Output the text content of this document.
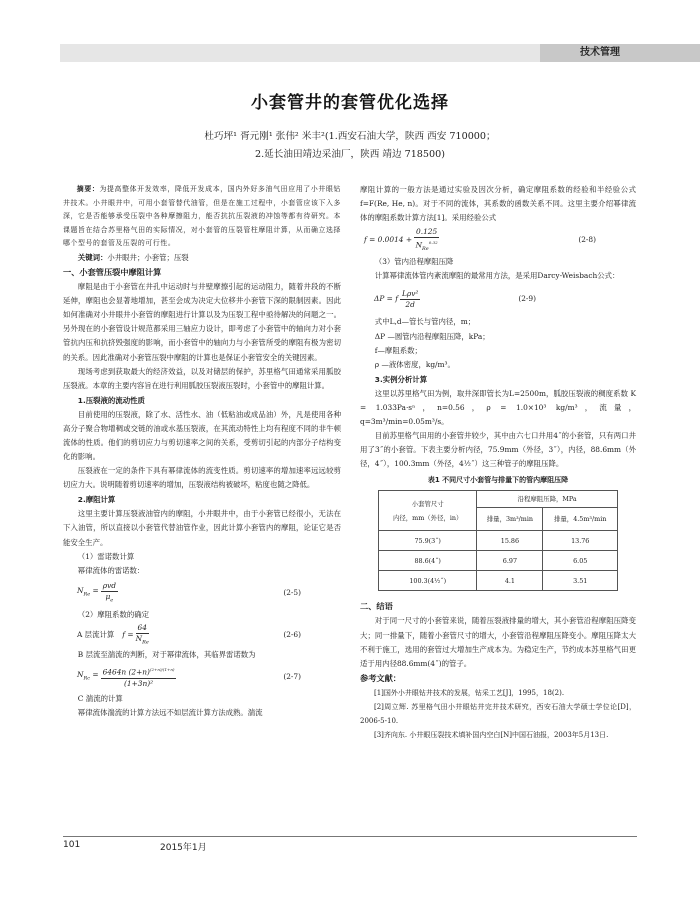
技术管理
小套管井的套管优化选择
杜巧坪¹ 胥元刚¹ 张伟² 米丰²(1.西安石油大学，陕西 西安 710000；
2.延长油田靖边采油厂，陕西 靖边 718500)

摘要：为提高整体开发效率，降低开发成本，国内外好多油气田应用了小井眼钻井技术。小井眼井中，可用小套管替代油管，但是在施工过程中，小套管应该下入多深，它是否能够承受压裂中各种摩擦阻力，能否抗抗压裂液的冲蚀等都有待研究。本课题旨在结合苏里格气田的实际情况，对小套管的压裂管柱摩阻计算，从而确立选择哪个型号的套管及压裂的可行性。

关键词：小井眼井；小套管；压裂

一、小套管压裂中摩阻计算

摩阻是由于小套管在井孔中运动时与井壁摩擦引起的运动阻力，随着井段的不断延伸，摩阻也会显著地增加，甚至会成为决定大位移井小套管下深的限制因素。因此如何准确对小井眼井小套管的摩阻进行计算以及为压裂工程中亟待解决的问题之一。另外现在的小套管设计规范都采用三轴应力设计，即考虑了小套管中的轴向力对小套管抗内压和抗挤毁强度的影响，而小套管中的轴向力与小套管所受的摩阻有极为密切的关系。因此准确对小套管压裂中摩阻的计算也是保证小套管安全的关键因素。

现场考虑到获取最大的经济效益，以及对储层的保护，苏里格气田通常采用胍胶压裂液。本章的主要内容旨在进行利用胍胶压裂液压裂时，小套管中的摩阻计算。

1.压裂液的流动性质

目前使用的压裂液，除了水、活性水、油（低粘油或成品油）外，凡是使用各种高分子聚合物增稠或交链的油或水基压裂液，在其流动特性上均有程度不同的非牛顿流体的性质。他们的剪切应力与剪切速率之间的关系，受剪切引起的内部分子结构变化的影响。

压裂液在一定的条件下具有幂律流体的流变性质。剪切速率的增加速率远远较剪切应力大。说明随着剪切速率的增加，压裂液结构被破坏，粘度也随之降低。

2.摩阻计算

这里主要计算压裂液油管内的摩阻，小井眼井中，由于小套管已经很小，无法在下入油管，所以直接以小套管代替油管作业，因此计算小套管内的摩阻，论证它是否能安全生产。

（1）雷诺数计算

幂律流体的雷诺数：

$N_{Re} = \frac{\text{ρvd}}{\mu_e}$	(2-5)

（2）摩阻系数的确定

A 层流计算 $f = \frac{64}{N_{Re}}$	(2-6)

B 层流至湍流的判断，对于幂律流体，其临界雷诺数为

$N_{Rc} = \frac{6464n (2+n)^{(2+n)/(1+n)}}{\text{(1+3n)²}}$	(2-7)

C 湍流的计算

幂律流体湍流的计算方法远不如层流计算方法成熟。湍流

摩阻计算的一般方法是通过实验及因次分析，确定摩阻系数的经验和半经验公式f=F(Re, He, n)。对于不同的流体，其系数的函数关系不同。这里主要介绍幂律流体的摩阻系数计算方法[1]。采用经验公式

$f = 0.0014 + \frac{0.125}{N_{Re}^{0.32}}$	(2-8)

（3）管内沿程摩阻压降

计算幂律流体管内紊流摩阻的最常用方法，是采用Darcy-Weisbach公式：

ΔP = f $\frac{\text{Lρv²}}{2d}$	(2-9)

式中L,d—管长与管内径，m；

ΔP —圆管内沿程摩阻压降，kPa；

f—摩阻系数；

ρ —液体密度，kg/m³。

3.实例分析计算

这里以苏里格气田为例，取井深即管长为L=2500m，胍胶压裂液的稠度系数 K = 1.033Pa·sⁿ，n=0.56，ρ = 1.0×10³ kg/m³，流量，q=3m³/min=0.05m³/s。

目前苏里格气田用的小套管井较少，其中由六七口井用4˝的小套管，只有两口井用了3˝的小套管。下表主要分析内径，75.9mm（外径，3˝），内径，88.6mm（外径，4˝），100.3mm（外径，4½˝）这三种管子的摩阻压降。

表1 不同尺寸小套管与排量下的管内摩阻压降

小套管尺寸
内径，mm（外径，in）	沿程摩阻压降，MPa	
	排量，3m³/min	排量，4.5m³/min
75.9(3˝)	15.86	13.76
88.6(4˝)	6.97	6.05
100.3(4½˝)	4.1	3.51

二、结语

对于同一尺寸的小套管来说，随着压裂液排量的增大，其小套管沿程摩阻压降变大；同一排量下，随着小套管尺寸的增大，小套管沿程摩阻压降变小。摩阻压降太大不利于施工，选用的套管过大增加生产成本为。为稳定生产，节约成本苏里格气田更适于用内径88.6mm(4˝)的管子。

参考文献：

[1]国外小井眼钻井技术的发展，钻采工艺[J]，1995，18(2).

[2]周立辉. 苏里格气田小井眼钻井完井技术研究，西安石油大学硕士学位论[D]，2006-5-10.

[3]齐向东. 小井眼压裂技术填补国内空白[N]中国石油报，2003年5月13日.

101	2015年1月
